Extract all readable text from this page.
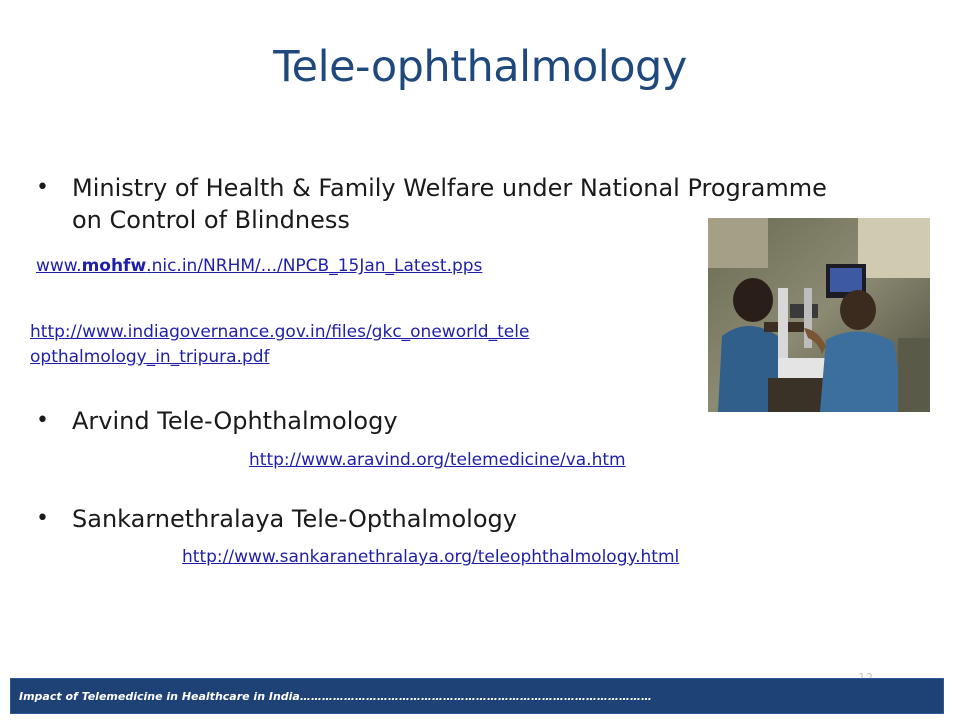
Tele-ophthalmology
• Ministry of Health & Family Welfare under National Programme
on Control of Blindness
www.mohfw.nic.in/NRHM/.../NPCB_15Jan_Latest.pps
http://www.indiagovernance.gov.in/files/gkc_oneworld_tele
opthalmology_in_tripura.pdf
• Arvind Tele-Ophthalmology
http://www.aravind.org/telemedicine/va.htm
• Sankarnethralaya Tele-Opthalmology
http://www.sankaranethralaya.org/teleophthalmology.html
Impact of Telemedicine in Healthcare in India……………………………………………………………………………………
